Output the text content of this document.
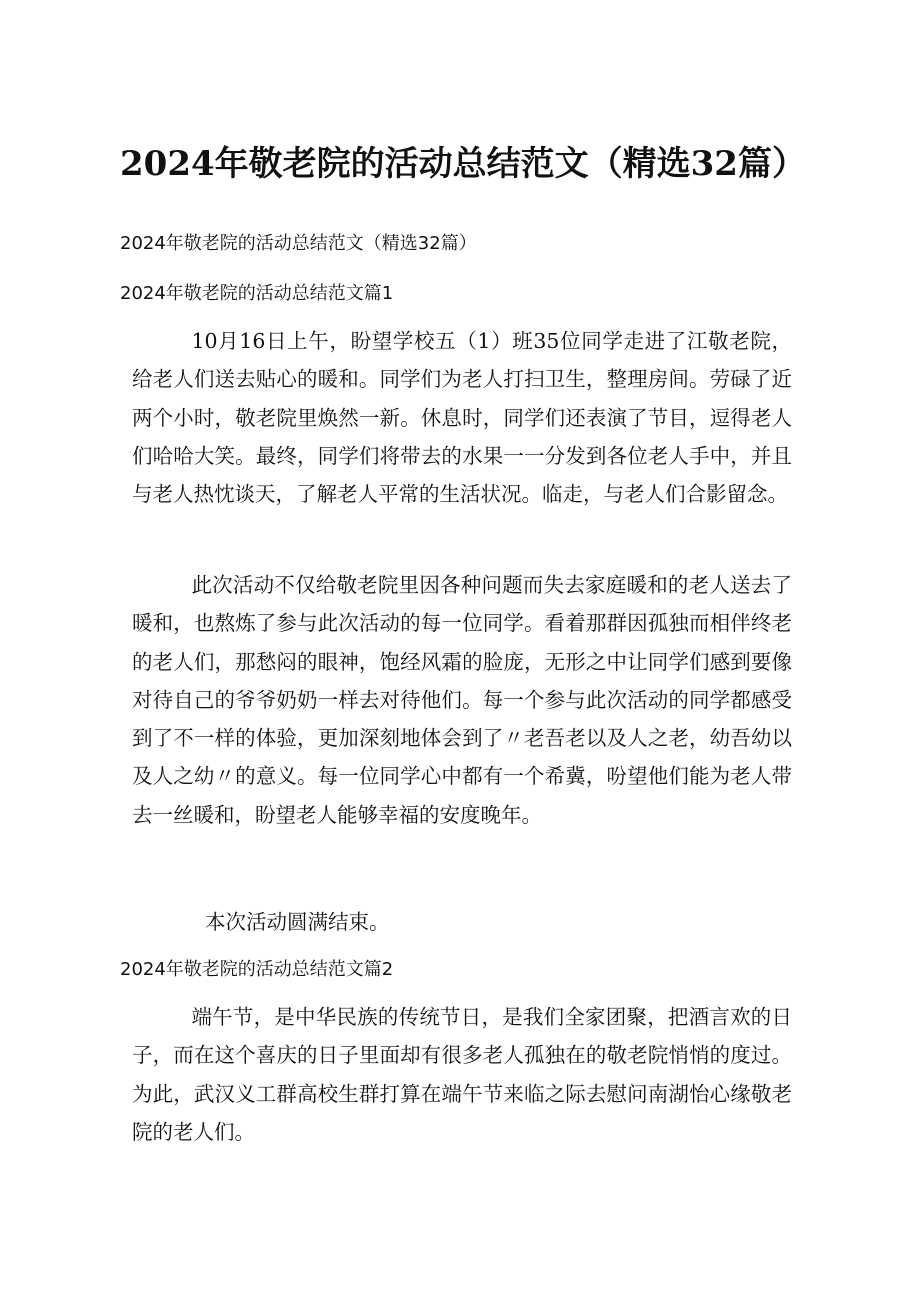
2024年敬老院的活动总结范文（精选32篇）
2024年敬老院的活动总结范文（精选32篇）
2024年敬老院的活动总结范文篇1
10月16日上午，盼望学校五（1）班35位同学走进了江敬老院，给老人们送去贴心的暖和。同学们为老人打扫卫生，整理房间。劳碌了近两个小时，敬老院里焕然一新。休息时，同学们还表演了节目，逗得老人们哈哈大笑。最终，同学们将带去的水果一一分发到各位老人手中，并且与老人热忱谈天，了解老人平常的生活状况。临走，与老人们合影留念。
此次活动不仅给敬老院里因各种问题而失去家庭暖和的老人送去了暖和，也熬炼了参与此次活动的每一位同学。看着那群因孤独而相伴终老的老人们，那愁闷的眼神，饱经风霜的脸庞，无形之中让同学们感到要像对待自己的爷爷奶奶一样去对待他们。每一个参与此次活动的同学都感受到了不一样的体验，更加深刻地体会到了〃老吾老以及人之老，幼吾幼以及人之幼〃的意义。每一位同学心中都有一个希冀，吩望他们能为老人带去一丝暖和，盼望老人能够幸福的安度晚年。
本次活动圆满结束。
2024年敬老院的活动总结范文篇2
端午节，是中华民族的传统节日，是我们全家团聚，把酒言欢的日子，而在这个喜庆的日子里面却有很多老人孤独在的敬老院悄悄的度过。为此，武汉义工群高校生群打算在端午节来临之际去慰问南湖怡心缘敬老院的老人们。
